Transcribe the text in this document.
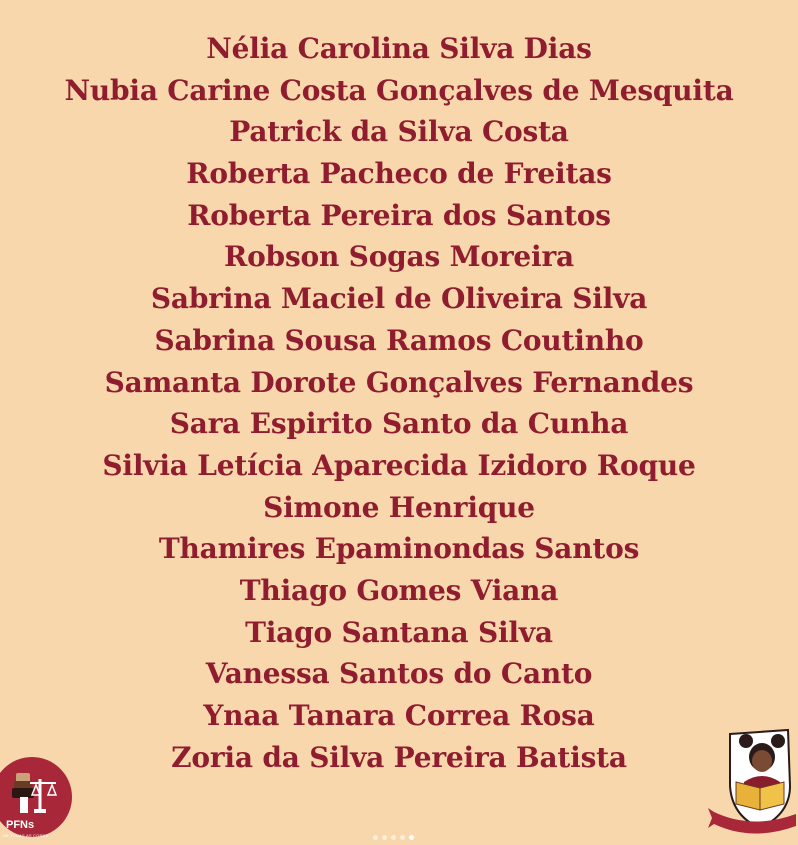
Nélia Carolina Silva Dias
Nubia Carine Costa Gonçalves de Mesquita
Patrick da Silva Costa
Roberta Pacheco de Freitas
Roberta Pereira dos Santos
Robson Sogas Moreira
Sabrina Maciel de Oliveira Silva
Sabrina Sousa Ramos Coutinho
Samanta Dorote Gonçalves Fernandes
Sara Espirito Santo da Cunha
Silvia Letícia Aparecida Izidoro Roque
Simone Henrique
Thamires Epaminondas Santos
Thiago Gomes Viana
Tiago Santana Silva
Vanessa Santos do Canto
Ynaa Tanara Correa Rosa
Zoria da Silva Pereira Batista
PFNs
DE TODAS AS CORES
